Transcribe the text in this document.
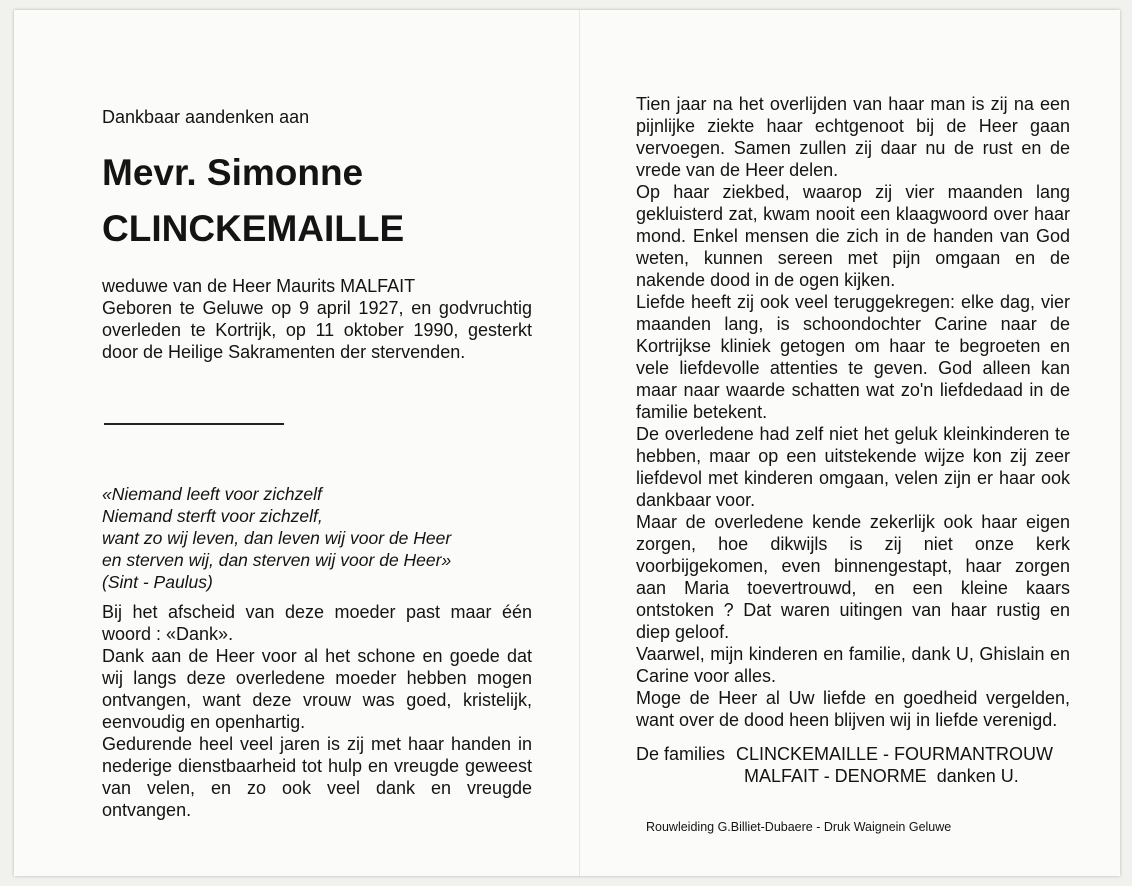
Dankbaar aandenken aan

Mevr. Simonne
CLINCKEMAILLE

weduwe van de Heer Maurits MALFAIT

Geboren te Geluwe op 9 april 1927, en godvruchtig overleden te Kortrijk, op 11 oktober 1990, gesterkt door de Heilige Sakramenten der stervenden.

«Niemand leeft voor zichzelf
Niemand sterft voor zichzelf,
want zo wij leven, dan leven wij voor de Heer
en sterven wij, dan sterven wij voor de Heer»
(Sint - Paulus)

Bij het afscheid van deze moeder past maar één woord : «Dank».

Dank aan de Heer voor al het schone en goede dat wij langs deze overledene moeder hebben mogen ontvangen, want deze vrouw was goed, kristelijk, eenvoudig en openhartig.

Gedurende heel veel jaren is zij met haar handen in nederige dienstbaarheid tot hulp en vreugde geweest van velen, en zo ook veel dank en vreugde ontvangen.

Tien jaar na het overlijden van haar man is zij na een pijnlijke ziekte haar echtgenoot bij de Heer gaan vervoegen. Samen zullen zij daar nu de rust en de vrede van de Heer delen.

Op haar ziekbed, waarop zij vier maanden lang gekluisterd zat, kwam nooit een klaagwoord over haar mond. Enkel mensen die zich in de handen van God weten, kunnen sereen met pijn omgaan en de nakende dood in de ogen kijken.

Liefde heeft zij ook veel teruggekregen: elke dag, vier maanden lang, is schoondochter Carine naar de Kortrijkse kliniek getogen om haar te begroeten en vele liefdevolle attenties te geven. God alleen kan maar naar waarde schatten wat zo'n liefdedaad in de familie betekent.

De overledene had zelf niet het geluk kleinkinderen te hebben, maar op een uitstekende wijze kon zij zeer liefdevol met kinderen omgaan, velen zijn er haar ook dankbaar voor.

Maar de overledene kende zekerlijk ook haar eigen zorgen, hoe dikwijls is zij niet onze kerk voorbijgekomen, even binnengestapt, haar zorgen aan Maria toevertrouwd, en een kleine kaars ontstoken ? Dat waren uitingen van haar rustig en diep geloof.

Vaarwel, mijn kinderen en familie, dank U, Ghislain en Carine voor alles.

Moge de Heer al Uw liefde en goedheid vergelden, want over de dood heen blijven wij in liefde verenigd.

De families CLINCKEMAILLE - FOURMANTROUW
MALFAIT - DENORME danken U.
Rouwleiding G.Billiet-Dubaere - Druk Waignein Geluwe
